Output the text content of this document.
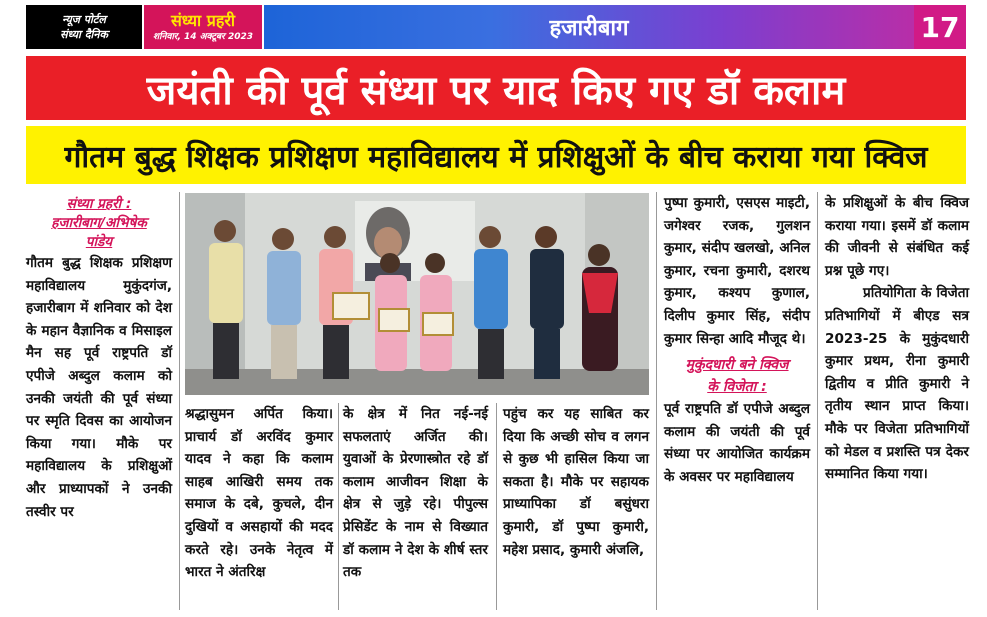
न्यूज पोर्टल
संध्या दैनिक
संध्या प्रहरी
शनिवार, 14 अक्टूबर 2023	हजारीबाग	17
जयंती की पूर्व संध्या पर याद किए गए डॉ कलाम
गौतम बुद्ध शिक्षक प्रशिक्षण महाविद्यालय में प्रशिक्षुओं के बीच कराया गया क्विज
संध्या प्रहरी :
हजारीबाग/अभिषेक
पांडेय

गौतम बुद्ध शिक्षक प्रशिक्षण महाविद्यालय मुकुंदगंज, हजारीबाग में शनिवार को देश के महान वैज्ञानिक व मिसाइल मैन सह पूर्व राष्ट्रपति डॉ एपीजे अब्दुल कलाम को उनकी जयंती की पूर्व संध्या पर स्मृति दिवस का आयोजन किया गया। मौके पर महाविद्यालय के प्रशिक्षुओं और प्राध्यापकों ने उनकी तस्वीर पर

श्रद्धासुमन अर्पित किया। प्राचार्य डॉ अरविंद कुमार यादव ने कहा कि कलाम साहब आखिरी समय तक समाज के दबे, कुचले, दीन दुखियों व असहायों की मदद करते रहे। उनके नेतृत्व में भारत ने अंतरिक्ष

के क्षेत्र में नित नई-नई सफलताएं अर्जित की। युवाओं के प्रेरणास्त्रोत रहे डॉ कलाम आजीवन शिक्षा के क्षेत्र से जुड़े रहे। पीपुल्स प्रेसिडेंट के नाम से विख्यात डॉ कलाम ने देश के शीर्ष स्तर तक

पहुंच कर यह साबित कर दिया कि अच्छी सोच व लगन से कुछ भी हासिल किया जा सकता है। मौके पर सहायक प्राध्यापिका डॉ बसुंधरा कुमारी, डॉ पुष्पा कुमारी, महेश प्रसाद, कुमारी अंजलि,

पुष्पा कुमारी, एसएस माइटी, जगेश्वर रजक, गुलशन कुमार, संदीप खलखो, अनिल कुमार, रचना कुमारी, दशरथ कुमार, कश्यप कुणाल, दिलीप कुमार सिंह, संदीप कुमार सिन्हा आदि मौजूद थे।

मुकुंदधारी बने क्विज
के विजेता :

पूर्व राष्ट्रपति डॉ एपीजे अब्दुल कलाम की जयंती की पूर्व संध्या पर आयोजित कार्यक्रम के अवसर पर महाविद्यालय

के प्रशिक्षुओं के बीच क्विज कराया गया। इसमें डॉ कलाम की जीवनी से संबंधित कई प्रश्न पूछे गए।

प्रतियोगिता के विजेता प्रतिभागियों में बीएड सत्र 2023-25 के मुकुंदधारी कुमार प्रथम, रीना कुमारी द्वितीय व प्रीति कुमारी ने तृतीय स्थान प्राप्त किया। मौके पर विजेता प्रतिभागियों को मेडल व प्रशस्ति पत्र देकर सम्मानित किया गया।
